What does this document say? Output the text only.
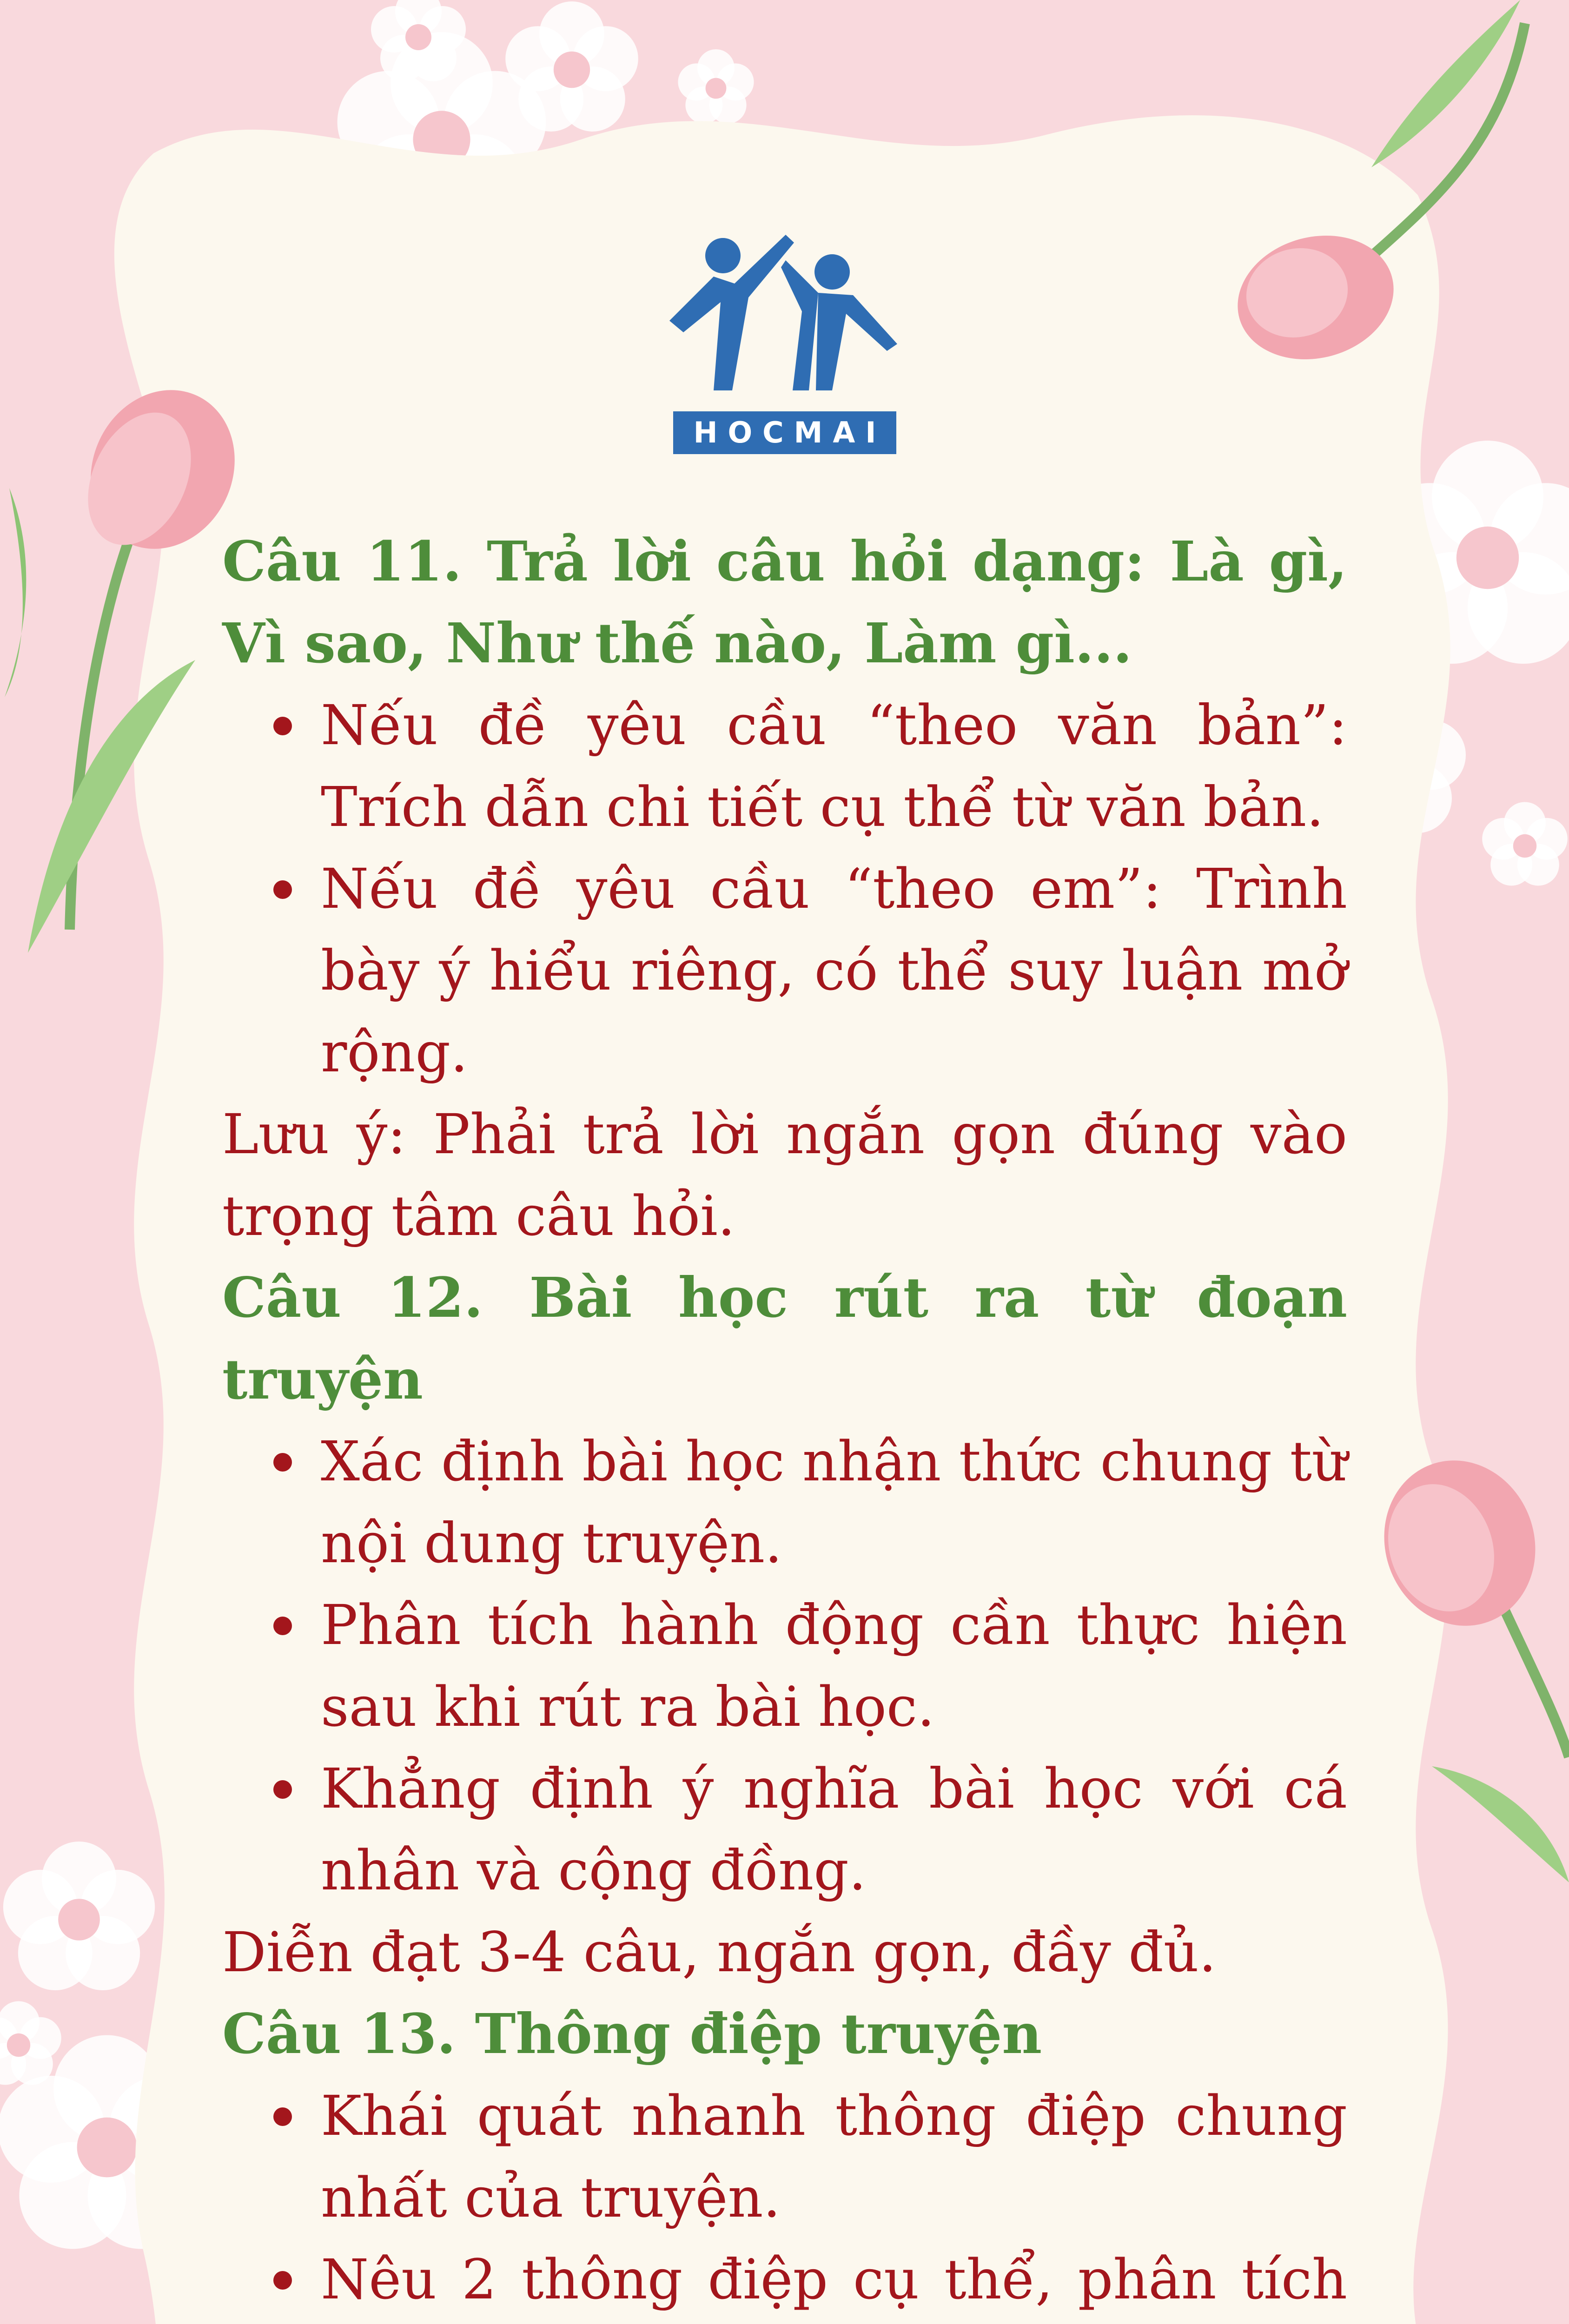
HOCMAI

Câu 11. Trả lời câu hỏi dạng: Là gì, Vì sao, Như thế nào, Làm gì...

Nếu đề yêu cầu “theo văn bản”: Trích dẫn chi tiết cụ thể từ văn bản.
Nếu đề yêu cầu “theo em”: Trình bày ý hiểu riêng, có thể suy luận mở rộng.

Lưu ý: Phải trả lời ngắn gọn đúng vào trọng tâm câu hỏi.

Câu 12. Bài học rút ra từ đoạn truyện

Xác định bài học nhận thức chung từ nội dung truyện.
Phân tích hành động cần thực hiện sau khi rút ra bài học.
Khẳng định ý nghĩa bài học với cá nhân và cộng đồng.

Diễn đạt 3-4 câu, ngắn gọn, đầy đủ.

Câu 13. Thông điệp truyện

Khái quát nhanh thông điệp chung nhất của truyện.
Nêu 2 thông điệp cụ thể, phân tích
